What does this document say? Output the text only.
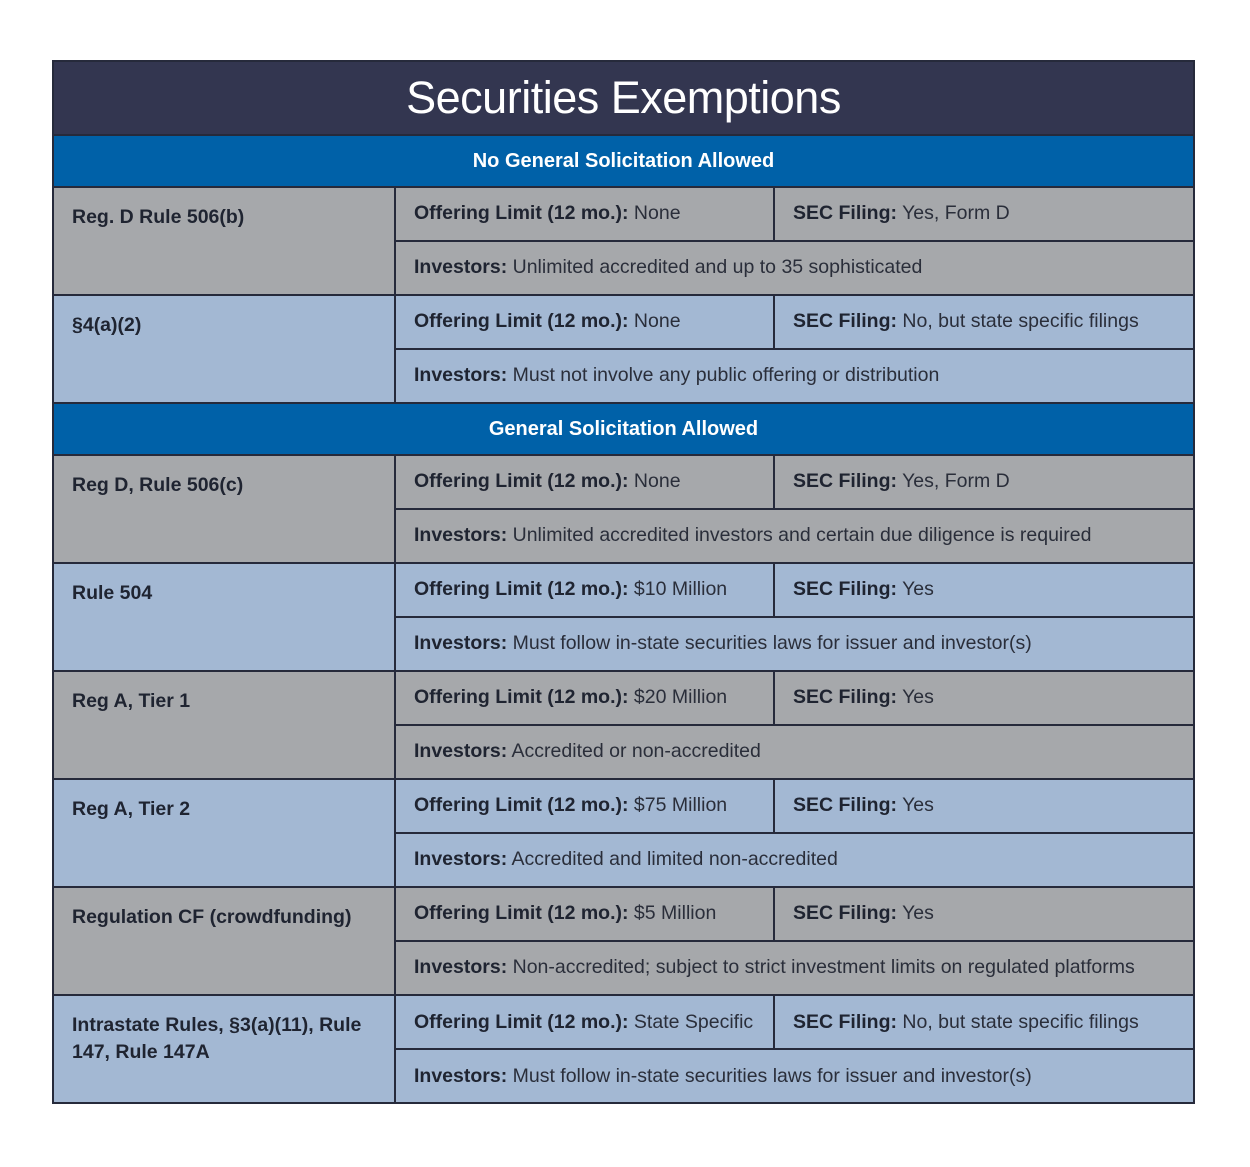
Securities Exemptions
No General Solicitation Allowed
Reg. D Rule 506(b)	Offering Limit (12 mo.): None	SEC Filing: Yes, Form D
Investors: Unlimited accredited and up to 35 sophisticated
§4(a)(2)	Offering Limit (12 mo.): None	SEC Filing: No, but state specific filings
Investors: Must not involve any public offering or distribution
General Solicitation Allowed
Reg D, Rule 506(c)	Offering Limit (12 mo.): None	SEC Filing: Yes, Form D
Investors: Unlimited accredited investors and certain due diligence is required
Rule 504	Offering Limit (12 mo.): $10 Million	SEC Filing: Yes
Investors: Must follow in-state securities laws for issuer and investor(s)
Reg A, Tier 1	Offering Limit (12 mo.): $20 Million	SEC Filing: Yes
Investors: Accredited or non-accredited
Reg A, Tier 2	Offering Limit (12 mo.): $75 Million	SEC Filing: Yes
Investors: Accredited and limited non-accredited
Regulation CF (crowdfunding)	Offering Limit (12 mo.): $5 Million	SEC Filing: Yes
Investors: Non-accredited; subject to strict investment limits on regulated platforms
Intrastate Rules, §3(a)(11), Rule 147, Rule 147A
Offering Limit (12 mo.): State Specific	SEC Filing: No, but state specific filings
Investors: Must follow in-state securities laws for issuer and investor(s)
